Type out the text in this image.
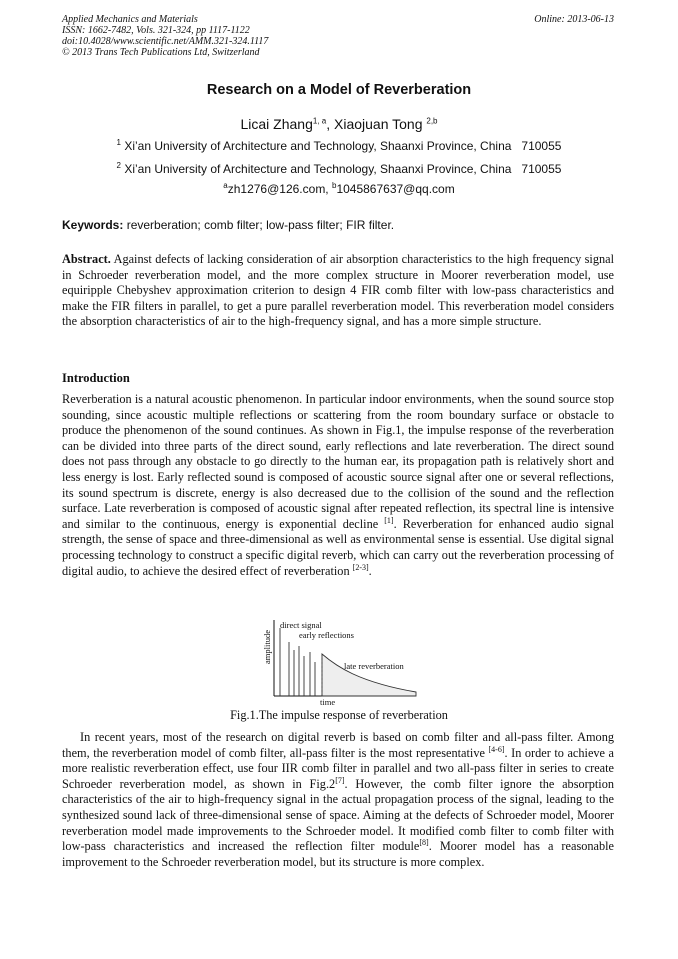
Applied Mechanics and Materials
ISSN: 1662-7482, Vols. 321-324, pp 1117-1122
doi:10.4028/www.scientific.net/AMM.321-324.1117
© 2013 Trans Tech Publications Ltd, Switzerland
Online: 2013-06-13
Research on a Model of Reverberation
Licai Zhang$^{1, a}$, Xiaojuan Tong $^{2,b}$
$^1$ Xi’an University of Architecture and Technology, Shaanxi Province, China   710055
$^2$ Xi’an University of Architecture and Technology, Shaanxi Province, China   710055
$^a$zh1276@126.com, $^b$1045867637@qq.com
Keywords: reverberation; comb filter; low-pass filter; FIR filter.
Abstract. Against defects of lacking consideration of air absorption characteristics to the high frequency signal in Schroeder reverberation model, and the more complex structure in Moorer reverberation model, use equiripple Chebyshev approximation criterion to design 4 FIR comb filter with low-pass characteristics and make the FIR filters in parallel, to get a pure parallel reverberation model. This reverberation model considers the absorption characteristics of air to the high-frequency signal, and has a more simple structure.
Introduction
Reverberation is a natural acoustic phenomenon. In particular indoor environments, when the sound source stop sounding, since acoustic multiple reflections or scattering from the room boundary surface or obstacle to produce the phenomenon of the sound continues. As shown in Fig.1, the impulse response of the reverberation can be divided into three parts of the direct sound, early reflections and late reverberation. The direct sound does not pass through any obstacle to go directly to the human ear, its propagation path is relatively short and less energy is lost. Early reflected sound is composed of acoustic source signal after one or several reflections, its sound spectrum is discrete, energy is also decreased due to the collision of the sound and the reflection surface. Late reverberation is composed of acoustic signal after repeated reflection, its spectral line is intensive and similar to the continuous, energy is exponential decline [1]. Reverberation for enhanced audio signal strength, the sense of space and three-dimensional as well as environmental sense is essential. Use digital signal processing technology to construct a specific digital reverb, which can carry out the reverberation processing of digital audio, to achieve the desired effect of reverberation [2-3].
amplitude
time
direct signal
early reflections
late reverberation
Fig.1.The impulse response of reverberation
In recent years, most of the research on digital reverb is based on comb filter and all-pass filter. Among them, the reverberation model of comb filter, all-pass filter is the most representative [4-6]. In order to achieve a more realistic reverberation effect, use four IIR comb filter in parallel and two all-pass filter in series to create Schroeder reverberation model, as shown in Fig.2[7]. However, the comb filter ignore the absorption characteristics of the air to high-frequency signal in the actual propagation process of the signal, leading to the synthesized sound lack of three-dimensional sense of space. Aiming at the defects of Schroeder model, Moorer reverberation model made improvements to the Schroeder model. It modified comb filter to comb filter with low-pass characteristics and increased the reflection filter module[8]. Moorer model has a reasonable improvement to the Schroeder reverberation model, but its structure is more complex.
